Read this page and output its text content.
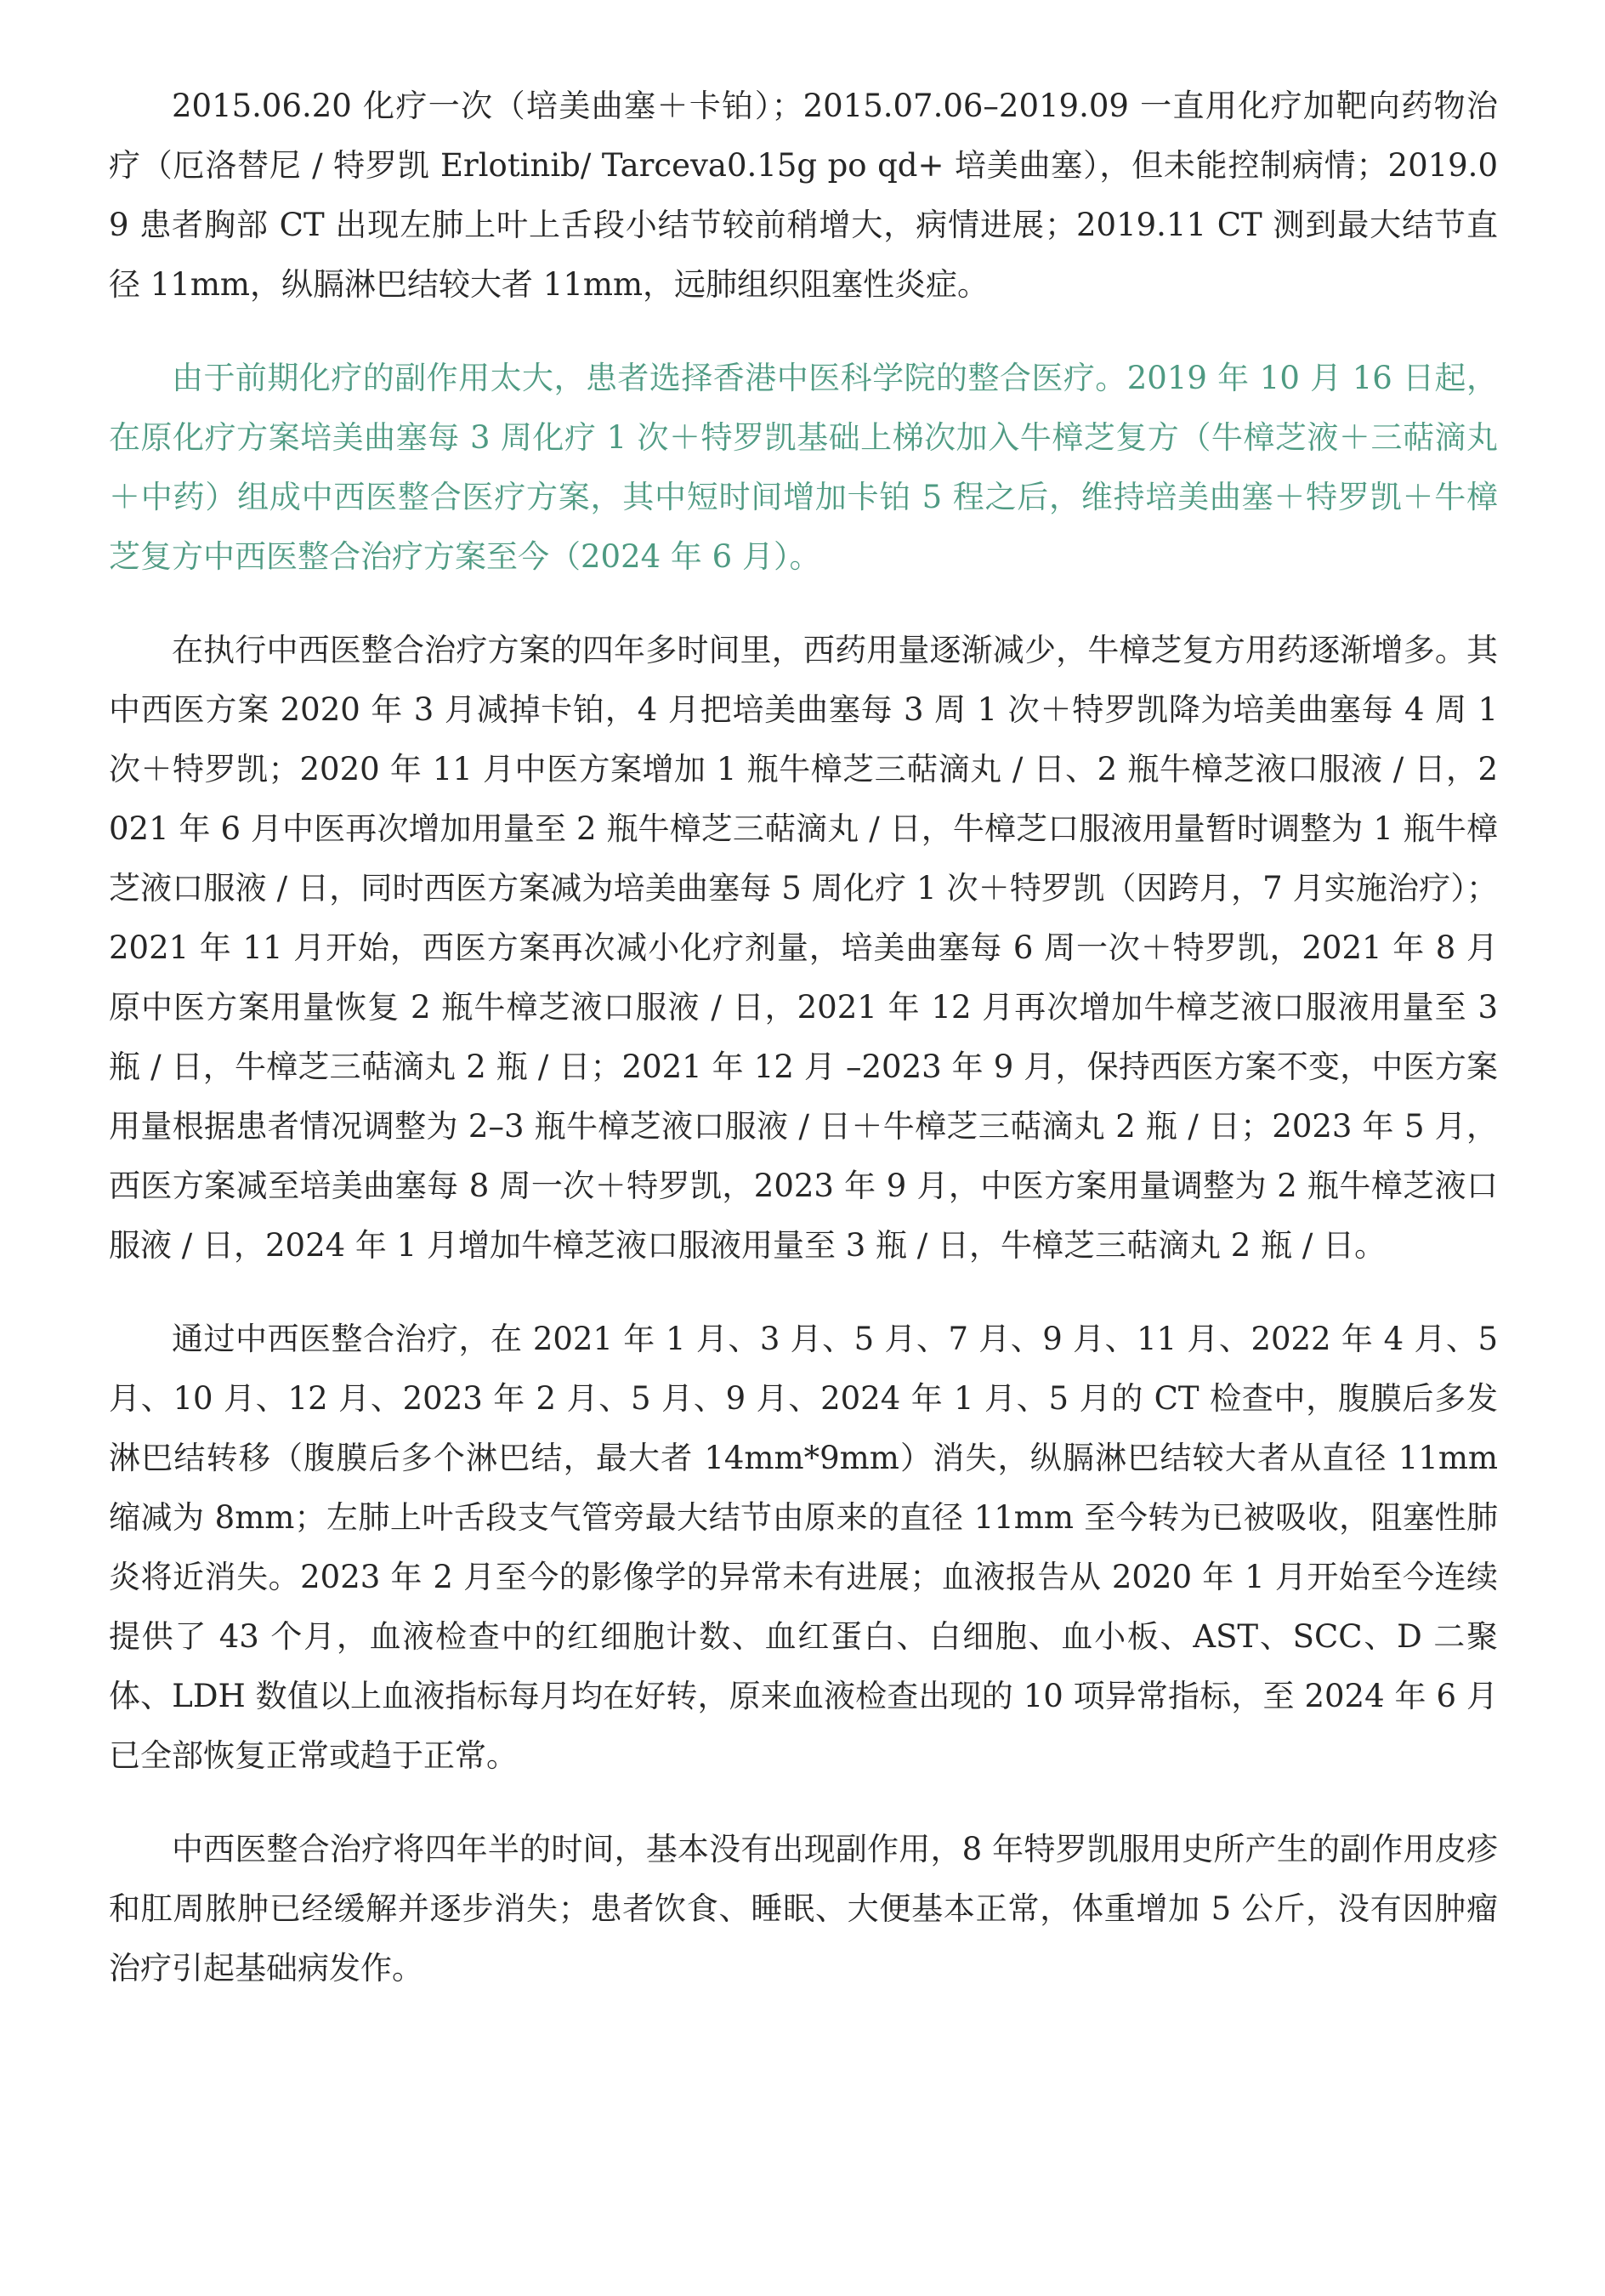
2015.06.20 化疗一次（培美曲塞＋卡铂）；2015.07.06–2019.09 一直用化疗加靶向药物治疗（厄洛替尼 / 特罗凯 Erlotinib/ Tarceva0.15g po qd+ 培美曲塞），但未能控制病情；2019.09 患者胸部 CT 出现左肺上叶上舌段小结节较前稍增大，病情进展；2019.11 CT 测到最大结节直径 11mm，纵膈淋巴结较大者 11mm，远肺组织阻塞性炎症。

由于前期化疗的副作用太大，患者选择香港中医科学院的整合医疗。2019 年 10 月 16 日起，在原化疗方案培美曲塞每 3 周化疗 1 次＋特罗凯基础上梯次加入牛樟芝复方（牛樟芝液＋三萜滴丸＋中药）组成中西医整合医疗方案，其中短时间增加卡铂 5 程之后，维持培美曲塞＋特罗凯＋牛樟芝复方中西医整合治疗方案至今（2024 年 6 月）。

在执行中西医整合治疗方案的四年多时间里，西药用量逐渐减少，牛樟芝复方用药逐渐增多。其中西医方案 2020 年 3 月减掉卡铂，4 月把培美曲塞每 3 周 1 次＋特罗凯降为培美曲塞每 4 周 1 次＋特罗凯；2020 年 11 月中医方案增加 1 瓶牛樟芝三萜滴丸 / 日、2 瓶牛樟芝液口服液 / 日，2021 年 6 月中医再次增加用量至 2 瓶牛樟芝三萜滴丸 / 日，牛樟芝口服液用量暂时调整为 1 瓶牛樟芝液口服液 / 日，同时西医方案减为培美曲塞每 5 周化疗 1 次＋特罗凯（因跨月，7 月实施治疗）；2021 年 11 月开始，西医方案再次减小化疗剂量，培美曲塞每 6 周一次＋特罗凯，2021 年 8 月原中医方案用量恢复 2 瓶牛樟芝液口服液 / 日，2021 年 12 月再次增加牛樟芝液口服液用量至 3 瓶 / 日，牛樟芝三萜滴丸 2 瓶 / 日；2021 年 12 月 –2023 年 9 月，保持西医方案不变，中医方案用量根据患者情况调整为 2–3 瓶牛樟芝液口服液 / 日＋牛樟芝三萜滴丸 2 瓶 / 日；2023 年 5 月，西医方案减至培美曲塞每 8 周一次＋特罗凯，2023 年 9 月，中医方案用量调整为 2 瓶牛樟芝液口服液 / 日，2024 年 1 月增加牛樟芝液口服液用量至 3 瓶 / 日，牛樟芝三萜滴丸 2 瓶 / 日。

通过中西医整合治疗，在 2021 年 1 月、3 月、5 月、7 月、9 月、11 月、2022 年 4 月、5 月、10 月、12 月、2023 年 2 月、5 月、9 月、2024 年 1 月、5 月的 CT 检查中，腹膜后多发淋巴结转移（腹膜后多个淋巴结，最大者 14mm*9mm）消失，纵膈淋巴结较大者从直径 11mm 缩减为 8mm；左肺上叶舌段支气管旁最大结节由原来的直径 11mm 至今转为已被吸收，阻塞性肺炎将近消失。2023 年 2 月至今的影像学的异常未有进展；血液报告从 2020 年 1 月开始至今连续提供了 43 个月，血液检查中的红细胞计数、血红蛋白、白细胞、血小板、AST、SCC、D 二聚体、LDH 数值以上血液指标每月均在好转，原来血液检查出现的 10 项异常指标，至 2024 年 6 月已全部恢复正常或趋于正常。

中西医整合治疗将四年半的时间，基本没有出现副作用，8 年特罗凯服用史所产生的副作用皮疹和肛周脓肿已经缓解并逐步消失；患者饮食、睡眠、大便基本正常，体重增加 5 公斤，没有因肿瘤治疗引起基础病发作。
